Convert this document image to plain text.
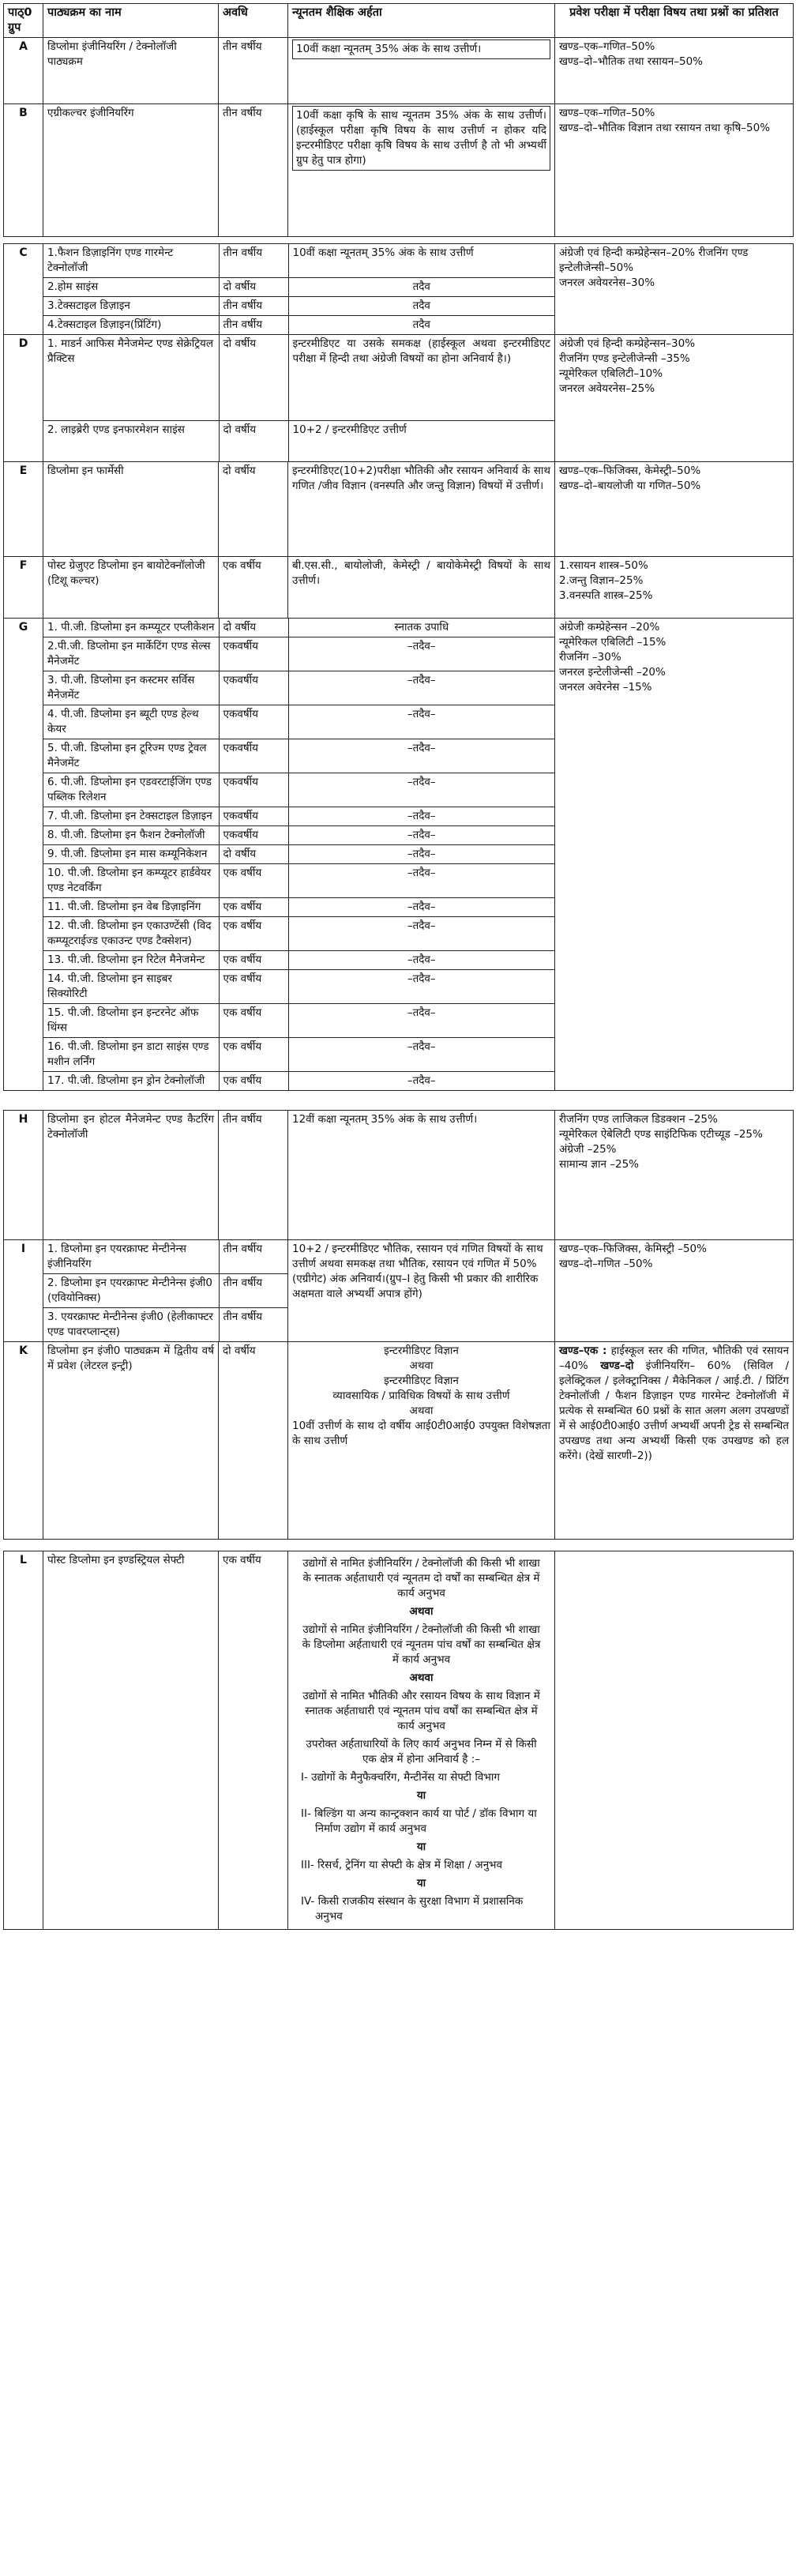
पाठ्0 ग्रुप	पाठ्यक्रम का नाम	अवधि	न्यूनतम शैक्षिक अर्हता	प्रवेश परीक्षा में परीक्षा विषय तथा प्रश्नों का प्रतिशत
A	डिप्लोमा इंजीनियरिंग / टेक्नोलॉजी पाठ्यक्रम	तीन वर्षीय	10वीं कक्षा न्यूनतम् 35% अंक के साथ उत्तीर्ण।	खण्ड–एक–गणित–50%
खण्ड–दो–भौतिक तथा रसायन–50%

B	एग्रीकल्चर इंजीनियरिंग	तीन वर्षीय	10वीं कक्षा कृषि के साथ न्यूनतम 35% अंक के साथ उत्तीर्ण। (हाईस्कूल परीक्षा कृषि विषय के साथ उत्तीर्ण न होकर यदि इन्टरमीडिएट परीक्षा कृषि विषय के साथ उत्तीर्ण है तो भी अभ्यर्थी ग्रुप हेतु पात्र होगा)

खण्ड–एक–गणित–50%
खण्ड–दो–भौतिक विज्ञान तथा रसायन तथा कृषि–50%

C	1.फैशन डिज़ाइनिंग एण्ड गारमेन्ट टेक्नोलॉजी	तीन वर्षीय	10वीं कक्षा न्यूनतम् 35% अंक के साथ उत्तीर्ण
2.होम साइंस	दो वर्षीय	तदैव
3.टेक्सटाइल डिज़ाइन	तीन वर्षीय	तदैव
4.टेक्सटाइल डिज़ाइन(प्रिंटिंग)	तीन वर्षीय	तदैव

अंग्रेजी एवं हिन्दी कम्प्रेहेन्सन–20% रीजनिंग एण्ड इन्टेलीजेन्सी–50%
जनरल अवेयरनेस–30%

D	1. माडर्न आफिस मैनेजमेन्ट एण्ड सेक्रेट्रियल प्रैक्टिस	दो वर्षीय	इन्टरमीडिएट या उसके समकक्ष (हाईस्कूल अथवा इन्टरमीडिएट परीक्षा में हिन्दी तथा अंग्रेजी विषयों का होना अनिवार्य है।)
2. लाइब्रेरी एण्ड इनफारमेशन साइंस	दो वर्षीय	10+2 / इन्टरमीडिएट उत्तीर्ण

अंग्रेजी एवं हिन्दी कम्प्रेहेन्सन–30%
रीजनिंग एण्ड इन्टेलीजेन्सी –35%
न्यूमेरिकल एबिलिटी–10%
जनरल अवेयरनेस–25%

E	डिप्लोमा इन फार्मेसी	दो वर्षीय	इन्टरमीडिएट(10+2)परीक्षा भौतिकी और रसायन अनिवार्य के साथ गणित /जीव विज्ञान (वनस्पति और जन्तु विज्ञान) विषयों में उत्तीर्ण।	
खण्ड–एक–फिजिक्स, केमेस्ट्री–50%
खण्ड–दो–बायलोजी या गणित–50%

F	पोस्ट ग्रेजुएट डिप्लोमा इन बायोटेक्नॉलोजी (टिशू कल्चर)	एक वर्षीय	बी.एस.सी., बायोलोजी, केमेस्ट्री / बायोकेमेस्ट्री विषयों के साथ उत्तीर्ण।	
1.रसायन शास्त्र–50%
2.जन्तु विज्ञान–25%
3.वनस्पति शास्त्र–25%

G	1. पी.जी. डिप्लोमा इन कम्प्यूटर एप्लीकेशन	दो वर्षीय	स्नातक उपाधि
2.पी.जी. डिप्लोमा इन मार्केटिंग एण्ड सेल्स मैनेजमेंट	एकवर्षीय	–तदैव–
3. पी.जी. डिप्लोमा इन कस्टमर सर्विस मैनेजमेंट	एकवर्षीय	–तदैव–
4. पी.जी. डिप्लोमा इन ब्यूटी एण्ड हेल्थ केयर	एकवर्षीय	–तदैव–
5. पी.जी. डिप्लोमा इन टूरिज्म एण्ड ट्रेवल मैनेजमेंट	एकवर्षीय	–तदैव–
6. पी.जी. डिप्लोमा इन एडवरटाईजिंग एण्ड पब्लिक रिलेशन	एकवर्षीय	–तदैव–
7. पी.जी. डिप्लोमा इन टेक्सटाइल डिज़ाइन	एकवर्षीय	–तदैव–
8. पी.जी. डिप्लोमा इन फैशन टेक्नोलॉजी	एकवर्षीय	–तदैव–
9. पी.जी. डिप्लोमा इन मास कम्यूनिकेशन	दो वर्षीय	–तदैव–
10. पी.जी. डिप्लोमा इन कम्प्यूटर हार्डवेयर एण्ड नेटवर्किंग	एक वर्षीय	–तदैव–
11. पी.जी. डिप्लोमा इन वेब डिज़ाइनिंग	एक वर्षीय	–तदैव–
12. पी.जी. डिप्लोमा इन एकाउण्टेंसी (विद कम्प्यूटराईज्ड एकाउन्ट एण्ड टैक्सेशन)	एक वर्षीय	–तदैव–
13. पी.जी. डिप्लोमा इन रिटेल मैनेजमेन्ट	एक वर्षीय	–तदैव–
14. पी.जी. डिप्लोमा इन साइबर सिक्योरिटी	एक वर्षीय	–तदैव–
15. पी.जी. डिप्लोमा इन इन्टरनेट ऑफ थिंग्स	एक वर्षीय	–तदैव–
16. पी.जी. डिप्लोमा इन डाटा साइंस एण्ड मशीन लर्निंग	एक वर्षीय	–तदैव–
17. पी.जी. डिप्लोमा इन ड्रोन टेक्नोलॉजी	एक वर्षीय	–तदैव–

अंग्रेजी कम्प्रेहेन्सन –20%
न्यूमेरिकल एबिलिटी –15%
रीजनिंग –30%
जनरल इन्टेलीजेन्सी –20%
जनरल अवेरनेस –15%

H	डिप्लोमा इन होटल मैनेजमेन्ट एण्ड कैटरिंग टेक्नोलॉजी	तीन वर्षीय	12वीं कक्षा न्यूनतम् 35% अंक के साथ उत्तीर्ण।	रीजनिंग एण्ड लाजिकल डिडक्शन –25%
न्यूमेरिकल ऐबेलिटी एण्ड साइंटिफिक एटीच्यूड –25%
अंग्रेजी –25%
सामान्य ज्ञान –25%

I	1. डिप्लोमा इन एयरक्राफ्ट मेन्टीनेन्स इंजीनियरिंग	तीन वर्षीय
2. डिप्लोमा इन एयरक्राफ्ट मेन्टीनेन्स इंजी0 (एवियोनिक्स)	तीन वर्षीय
3. एयरक्राफ्ट मेन्टीनेन्स इंजी0 (हेलीकाफ्टर एण्ड पावरप्लान्ट्स)	तीन वर्षीय
	10+2 / इन्टरमीडिएट भौतिक, रसायन एवं गणित विषयों के साथ उत्तीर्ण अथवा समकक्ष तथा भौतिक, रसायन एवं गणित में 50% (एग्रीगेट) अंक अनिवार्य।(ग्रुप–I हेतु किसी भी प्रकार की शारीरिक अक्षमता वाले अभ्यर्थी अपात्र होंगे)	
खण्ड–एक–फिजिक्स, केमिस्ट्री –50%
खण्ड–दो–गणित –50%

K	डिप्लोमा इन इंजी0 पाठ्यक्रम में द्वितीय वर्ष में प्रवेश (लेटरल इन्ट्री)	दो वर्षीय	इन्टरमीडिएट विज्ञान
अथवा
इन्टरमीडिएट विज्ञान
व्यावसायिक / प्राविधिक विषयों के साथ उत्तीर्ण
अथवा
10वीं उत्तीर्ण के साथ दो वर्षीय आई0टी0आई0 उपयुक्त विशेषज्ञता के साथ उत्तीर्ण
	खण्ड–एक : हाईस्कूल स्तर की गणित, भौतिकी एवं रसायन –40% खण्ड–दो इंजीनियरिंग– 60% (सिविल / इलेक्ट्रिकल / इलेक्ट्रानिक्स / मैकेनिकल / आई.टी. / प्रिंटिंग टेक्नोलॉजी / फैशन डिज़ाइन एण्ड गारमेन्ट टेक्नोलॉजी में प्रत्येक से सम्बन्धित 60 प्रश्नों के सात अलग अलग उपखण्डों में से आई0टी0आई0 उत्तीर्ण अभ्यर्थी अपनी ट्रेड से सम्बन्धित उपखण्ड तथा अन्य अभ्यर्थी किसी एक उपखण्ड को हल करेंगे। (देखें सारणी–2))

L	पोस्ट डिप्लोमा इन इण्डस्ट्रियल सेफ्टी	एक वर्षीय	उद्योगों से नामित इंजीनियरिंग / टेक्नोलॉजी की किसी भी शाखा के स्नातक अर्हताधारी एवं न्यूनतम दो वर्षों का सम्बन्धित क्षेत्र में कार्य अनुभव
अथवा
उद्योगों से नामित इंजीनियरिंग / टेक्नोलॉजी की किसी भी शाखा के डिप्लोमा अर्हताधारी एवं न्यूनतम पांच वर्षों का सम्बन्धित क्षेत्र में कार्य अनुभव
अथवा
उद्योगों से नामित भौतिकी और रसायन विषय के साथ विज्ञान में स्नातक अर्हताधारी एवं न्यूनतम पांच वर्षों का सम्बन्धित क्षेत्र में कार्य अनुभव
उपरोक्त अर्हताधारियों के लिए कार्य अनुभव निम्न में से किसी एक क्षेत्र में होना अनिवार्य है :–
I- उद्योगों के मैनुफैक्चरिंग, मैन्टीनेंस या सेफ्टी विभाग
या
II- बिल्डिंग या अन्य कान्ट्रक्शन कार्य या पोर्ट / डॉक विभाग या निर्माण उद्योग में कार्य अनुभव
या
III- रिसर्च, ट्रेनिंग या सेफ्टी के क्षेत्र में शिक्षा / अनुभव
या
IV- किसी राजकीय संस्थान के सुरक्षा विभाग में प्रशासनिक अनुभव
